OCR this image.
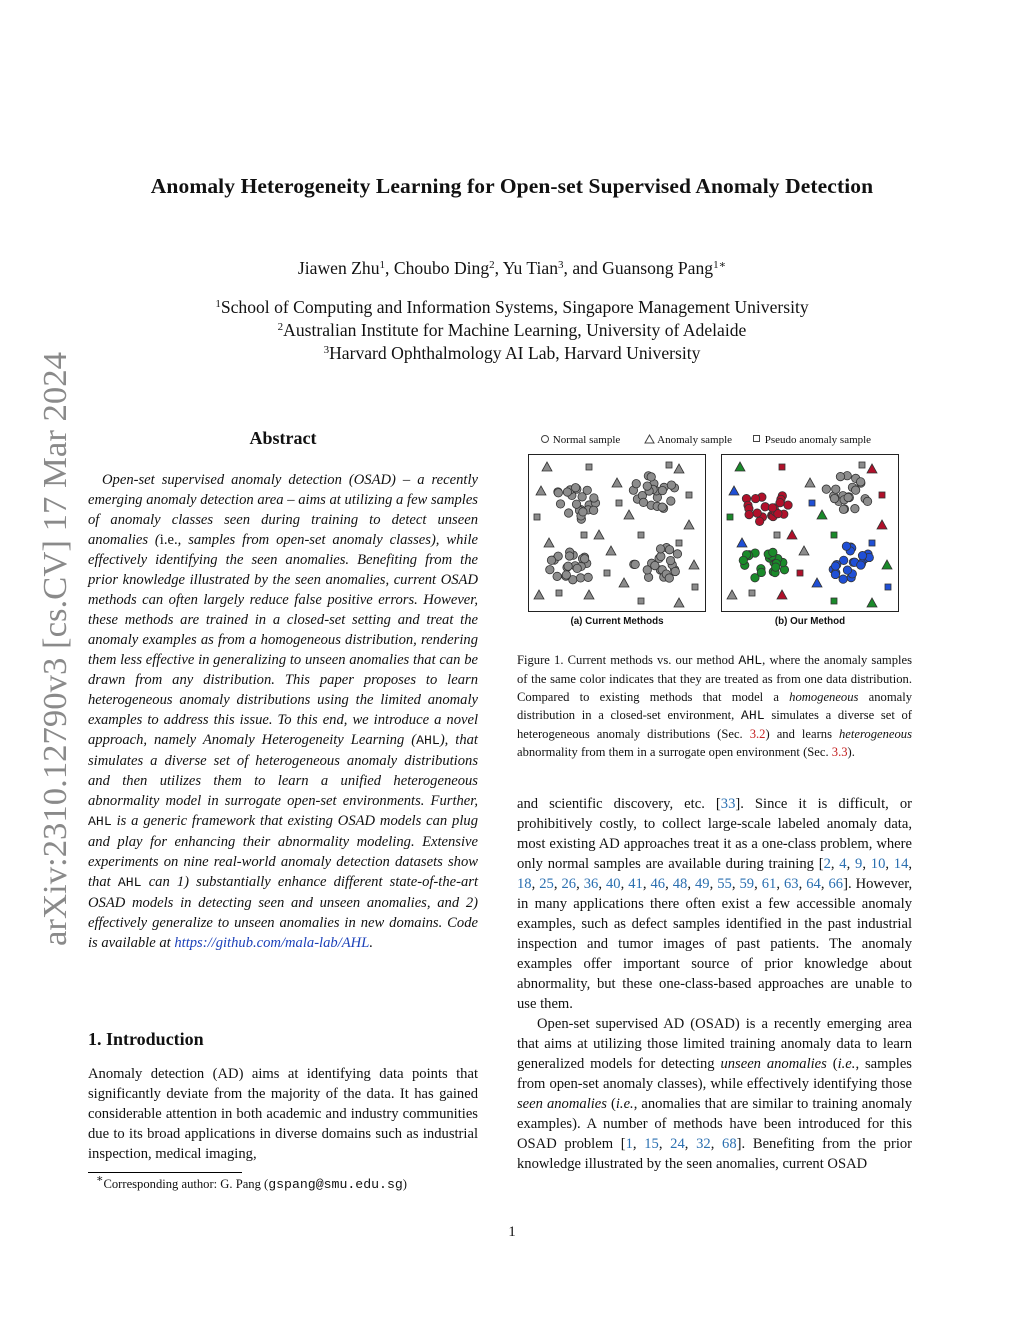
arXiv:2310.12790v3 [cs.CV] 17 Mar 2024
Anomaly Heterogeneity Learning for Open-set Supervised Anomaly Detection
Jiawen Zhu$^1$, Choubo Ding$^2$, Yu Tian$^3$, and Guansong Pang$^{1∗}$
$^1$School of Computing and Information Systems, Singapore Management University
$^2$Australian Institute for Machine Learning, University of Adelaide
$^3$Harvard Ophthalmology AI Lab, Harvard University
Abstract
Open-set supervised anomaly detection (OSAD) – a recently emerging anomaly detection area – aims at utilizing a few samples of anomaly classes seen during training to detect unseen anomalies (i.e., samples from open-set anomaly classes), while effectively identifying the seen anomalies. Benefiting from the prior knowledge illustrated by the seen anomalies, current OSAD methods can often largely reduce false positive errors. However, these methods are trained in a closed-set setting and treat the anomaly examples as from a homogeneous distribution, rendering them less effective in generalizing to unseen anomalies that can be drawn from any distribution. This paper proposes to learn heterogeneous anomaly distributions using the limited anomaly examples to address this issue. To this end, we introduce a novel approach, namely Anomaly Heterogeneity Learning (AHL), that simulates a diverse set of heterogeneous anomaly distributions and then utilizes them to learn a unified heterogeneous abnormality model in surrogate open-set environments. Further, AHL is a generic framework that existing OSAD models can plug and play for enhancing their abnormality modeling. Extensive experiments on nine real-world anomaly detection datasets show that AHL can 1) substantially enhance different state-of-the-art OSAD models in detecting seen and unseen anomalies, and 2) effectively generalize to unseen anomalies in new domains. Code is available at https://github.com/mala-lab/AHL.
1. Introduction
Anomaly detection (AD) aims at identifying data points that significantly deviate from the majority of the data. It has gained considerable attention in both academic and industry communities due to its broad applications in diverse domains such as industrial inspection, medical imaging,
∗Corresponding author: G. Pang (gspang@smu.edu.sg)
Normal sample	Anomaly sample	Pseudo anomaly sample
(a) Current Methods	(b) Our Method
Figure 1. Current methods vs. our method AHL, where the anomaly samples of the same color indicates that they are treated as from one data distribution. Compared to existing methods that model a homogeneous anomaly distribution in a closed-set environment, AHL simulates a diverse set of heterogeneous anomaly distributions (Sec. 3.2) and learns heterogeneous abnormality from them in a surrogate open environment (Sec. 3.3).
and scientific discovery, etc. [33]. Since it is difficult, or prohibitively costly, to collect large-scale labeled anomaly data, most existing AD approaches treat it as a one-class problem, where only normal samples are available during training [2, 4, 9, 10, 14, 18, 25, 26, 36, 40, 41, 46, 48, 49, 55, 59, 61, 63, 64, 66]. However, in many applications there often exist a few accessible anomaly examples, such as defect samples identified in the past industrial inspection and tumor images of past patients. The anomaly examples offer important source of prior knowledge about abnormality, but these one-class-based approaches are unable to use them.
Open-set supervised AD (OSAD) is a recently emerging area that aims at utilizing those limited training anomaly data to learn generalized models for detecting unseen anomalies (i.e., samples from open-set anomaly classes), while effectively identifying those seen anomalies (i.e., anomalies that are similar to training anomaly examples). A number of methods have been introduced for this OSAD problem [1, 15, 24, 32, 68]. Benefiting from the prior knowledge illustrated by the seen anomalies, current OSAD
1
